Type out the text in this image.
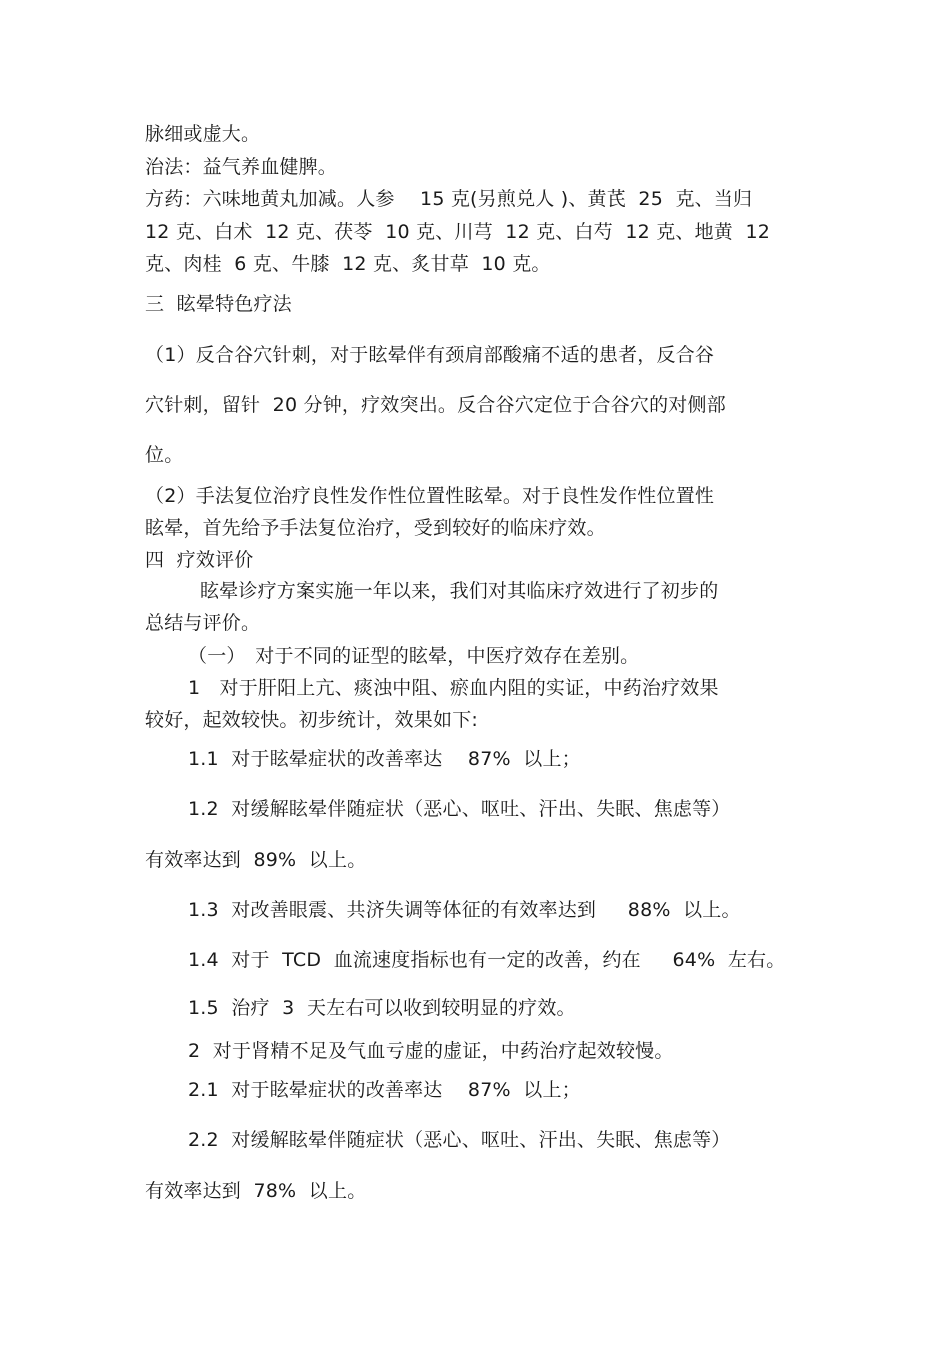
脉细或虚大。
治法：益气养血健脾。
方药：六味地黄丸加减。人参　 15 克(另煎兑人 )、黄芪  25  克、当归
12 克、白术  12 克、茯苓  10 克、川芎  12 克、白芍  12 克、地黄  12
克、肉桂  6 克、牛膝  12 克、炙甘草  10 克。
三  眩晕特色疗法
（1）反合谷穴针刺，对于眩晕伴有颈肩部酸痛不适的患者，反合谷
穴针刺，留针  20 分钟，疗效突出。反合谷穴定位于合谷穴的对侧部
位。
（2）手法复位治疗良性发作性位置性眩晕。对于良性发作性位置性
眩晕，首先给予手法复位治疗，受到较好的临床疗效。
四  疗效评价
眩晕诊疗方案实施一年以来，我们对其临床疗效进行了初步的
总结与评价。
（一）　对于不同的证型的眩晕，中医疗效存在差别。
1　对于肝阳上亢、痰浊中阻、瘀血内阻的实证，中药治疗效果
较好，起效较快。初步统计，效果如下:
1.1  对于眩晕症状的改善率达　 87%  以上；
1.2  对缓解眩晕伴随症状（恶心、呕吐、汗出、失眠、焦虑等）
有效率达到  89%  以上。
1.3  对改善眼震、共济失调等体征的有效率达到　  88%  以上。
1.4  对于  TCD  血流速度指标也有一定的改善，约在　  64%  左右。
1.5  治疗  3  天左右可以收到较明显的疗效。
2  对于肾精不足及气血亏虚的虚证，中药治疗起效较慢。
2.1  对于眩晕症状的改善率达　 87%  以上；
2.2  对缓解眩晕伴随症状（恶心、呕吐、汗出、失眠、焦虑等）
有效率达到  78%  以上。
